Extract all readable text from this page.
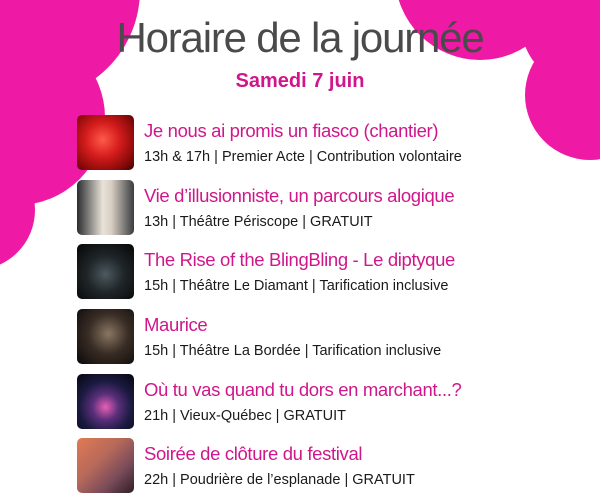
Horaire de la journée
Samedi 7 juin
Je nous ai promis un fiasco (chantier)
13h & 17h | Premier Acte | Contribution volontaire
Vie d’illusionniste, un parcours alogique
13h | Théâtre Périscope | GRATUIT
The Rise of the BlingBling - Le diptyque
15h | Théâtre Le Diamant | Tarification inclusive
Maurice
15h | Théâtre La Bordée | Tarification inclusive
Où tu vas quand tu dors en marchant...?
21h | Vieux-Québec | GRATUIT
Soirée de clôture du festival
22h | Poudrière de l’esplanade | GRATUIT
